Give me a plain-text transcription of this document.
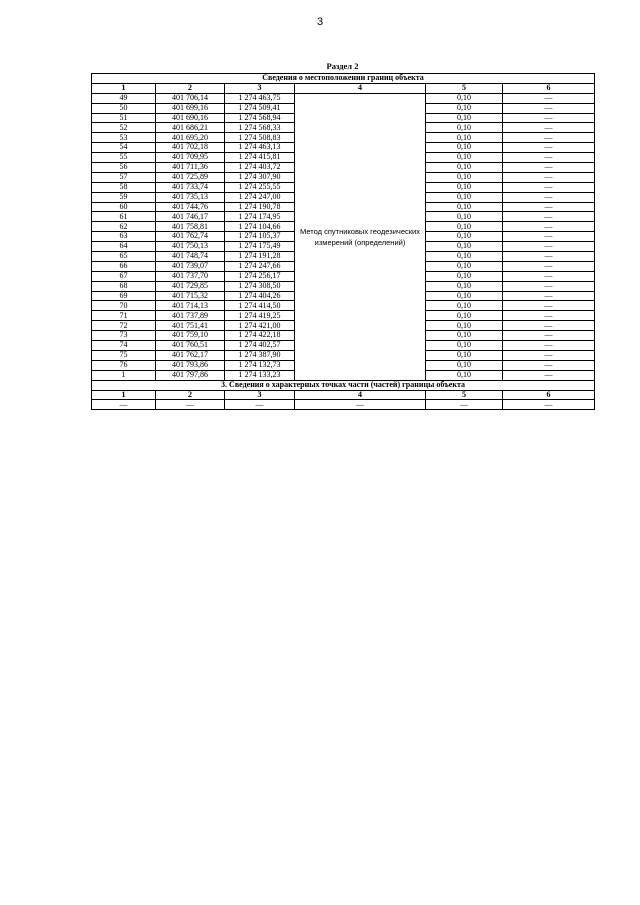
3
Раздел 2
Сведения о местоположении границ объекта					
1	2	3	4	5	6
49	401 706,14	1 274 463,75	Метод спутниковых геодезических измерений (определений)	0,10	—
50	401 699,16	1 274 509,41		0,10	—
51	401 690,16	1 274 568,94		0,10	—
52	401 686,21	1 274 568,33		0,10	—
53	401 695,20	1 274 508,83		0,10	—
54	401 702,18	1 274 463,13		0,10	—
55	401 709,95	1 274 415,81		0,10	—
56	401 711,36	1 274 403,72		0,10	—
57	401 725,89	1 274 307,90		0,10	—
58	401 733,74	1 274 255,55		0,10	—
59	401 735,13	1 274 247,00		0,10	—
60	401 744,76	1 274 190,78		0,10	—
61	401 746,17	1 274 174,95		0,10	—
62	401 758,81	1 274 104,66		0,10	—
63	401 762,74	1 274 105,37		0,10	—
64	401 750,13	1 274 175,49		0,10	—
65	401 748,74	1 274 191,28		0,10	—
66	401 739,07	1 274 247,66		0,10	—
67	401 737,70	1 274 256,17		0,10	—
68	401 729,85	1 274 308,50		0,10	—
69	401 715,32	1 274 404,26		0,10	—
70	401 714,13	1 274 414,50		0,10	—
71	401 737,89	1 274 419,25		0,10	—
72	401 751,41	1 274 421,00		0,10	—
73	401 759,10	1 274 422,18		0,10	—
74	401 760,51	1 274 402,57		0,10	—
75	401 762,17	1 274 387,90		0,10	—
76	401 793,86	1 274 132,73		0,10	—
1	401 797,86	1 274 133,23		0,10	—
3. Сведения о характерных точках части (частей) границы объекта					
1	2	3	4	5	6
—	—	—	—	—	—
